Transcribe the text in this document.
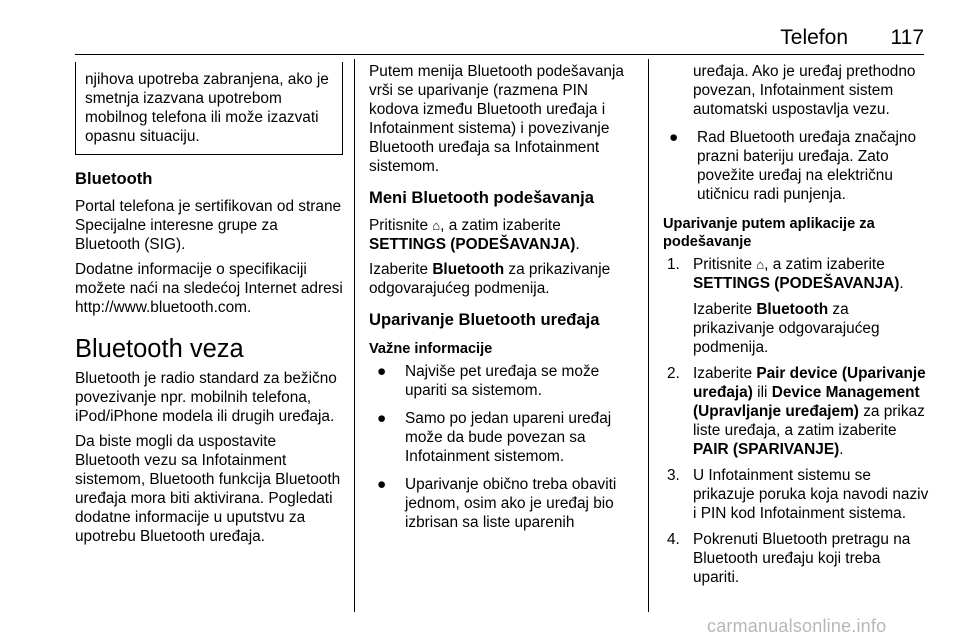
Telefon 117
njihova upotreba zabranjena, ako je smetnja izazvana upotrebom mobilnog telefona ili može izazvati opasnu situaciju.
Bluetooth

Portal telefona je sertifikovan od strane Specijalne interesne grupe za Bluetooth (SIG).

Dodatne informacije o specifikaciji možete naći na sledećoj Internet adresi http://www.bluetooth.com.

Bluetooth veza

Bluetooth je radio standard za bežično povezivanje npr. mobilnih telefona, iPod/iPhone modela ili drugih uređaja.

Da biste mogli da uspostavite Bluetooth vezu sa Infotainment sistemom, Bluetooth funkcija Bluetooth uređaja mora biti aktivirana. Pogledati dodatne informacije u uputstvu za upotrebu Bluetooth uređaja.

Putem menija Bluetooth podešavanja vrši se uparivanje (razmena PIN kodova između Bluetooth uređaja i Infotainment sistema) i povezivanje Bluetooth uređaja sa Infotainment sistemom.

Meni Bluetooth podešavanja

Pritisnite ⌂, a zatim izaberite SETTINGS (PODEŠAVANJA).

Izaberite Bluetooth za prikazivanje odgovarajućeg podmenija.

Uparivanje Bluetooth uređaja
Važne informacije
● Najviše pet uređaja se može upariti sa sistemom.
● Samo po jedan upareni uređaj može da bude povezan sa Infotainment sistemom.
● Uparivanje obično treba obaviti jednom, osim ako je uređaj bio izbrisan sa liste uparenih
uređaja. Ako je uređaj prethodno povezan, Infotainment sistem automatski uspostavlja vezu.
● Rad Bluetooth uređaja značajno prazni bateriju uređaja. Zato povežite uređaj na električnu utičnicu radi punjenja.
Uparivanje putem aplikacije za podešavanje
1. Pritisnite ⌂, a zatim izaberite SETTINGS (PODEŠAVANJA).

Izaberite Bluetooth za prikazivanje odgovarajućeg podmenija.

2. Izaberite Pair device (Uparivanje uređaja) ili Device Management (Upravljanje uređajem) za prikaz liste uređaja, a zatim izaberite PAIR (SPARIVANJE).
3. U Infotainment sistemu se prikazuje poruka koja navodi naziv i PIN kod Infotainment sistema.
4. Pokrenuti Bluetooth pretragu na Bluetooth uređaju koji treba upariti.
carmanualsonline.info
